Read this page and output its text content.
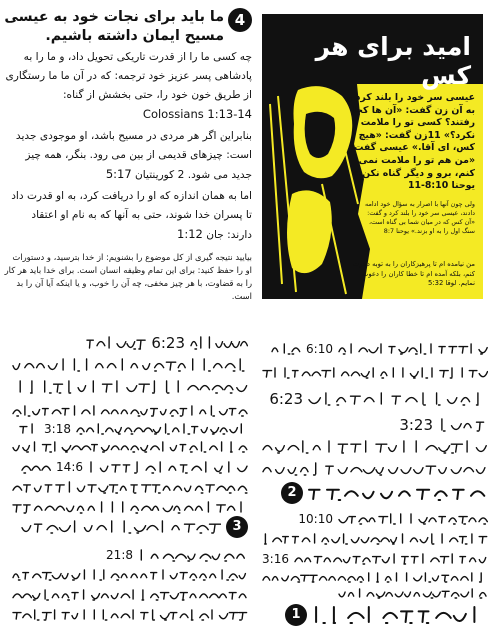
4

ما باید برای نجات خود به عیسی مسیح ایمان داشته باشیم.

چه کسی ما را از قدرت تاریکی تحویل داد، و ما را به پادشاهی پسر عزیز خود ترجمه: که در آن ما ما رستگاری از طریق خون خود را، حتی بخشش از گناه: Colossians 1:13-14

بنابراین اگر هر مردی در مسیح باشد، او موجودی جدید است: چیزهای قدیمی از بین می رود. بنگر، همه چیز جدید می شود. 2 کورینتیان 5:17

اما به همان اندازه که او را دریافت کرد، به او قدرت داد تا پسران خدا شوند، حتی به آنها که به نام او اعتقاد دارند: جان 1:12

بیایید نتیجه گیری از کل موضوع را بشنویم: از خدا بترسید، و دستورات او را حفظ کنید: برای این تمام وظیفه انسان است. برای خدا باید هر کار را به قضاوت، با هر چیز مخفی، چه آن را خوب، و یا اینکه آیا آن را بد است.

امید برای هر کس
عیسی سر خود را بلند کرد و به آن زن گفت: «آن ها کجا رفتند؟ کسی تو را ملامت نکرد؟» 11زن گفت: «هیچ کس، ای آقا.» عیسی گفت: «من هم تو را ملامت نمی کنم، برو و دیگر گناه نکن.» یوحنا 8:10-11
ولی چون آنها با اصرار به سؤال خود ادامه دادند، عیسی سر خود را بلند کرد و گفت: «آن کس که در میان شما بی گناه است، سنگ اول را به او بزند.» یوحنا 8:7
من نیامده ام تا پرهیزکاران را به توبه دعوت کنم، بلکه آمده ام تا خطا کاران را دعوت نمایم. لوقا 5:32
6:23
3:18
14:6
3
21:8
6:10
6:23
3:23
2
10:10
3:16
1
